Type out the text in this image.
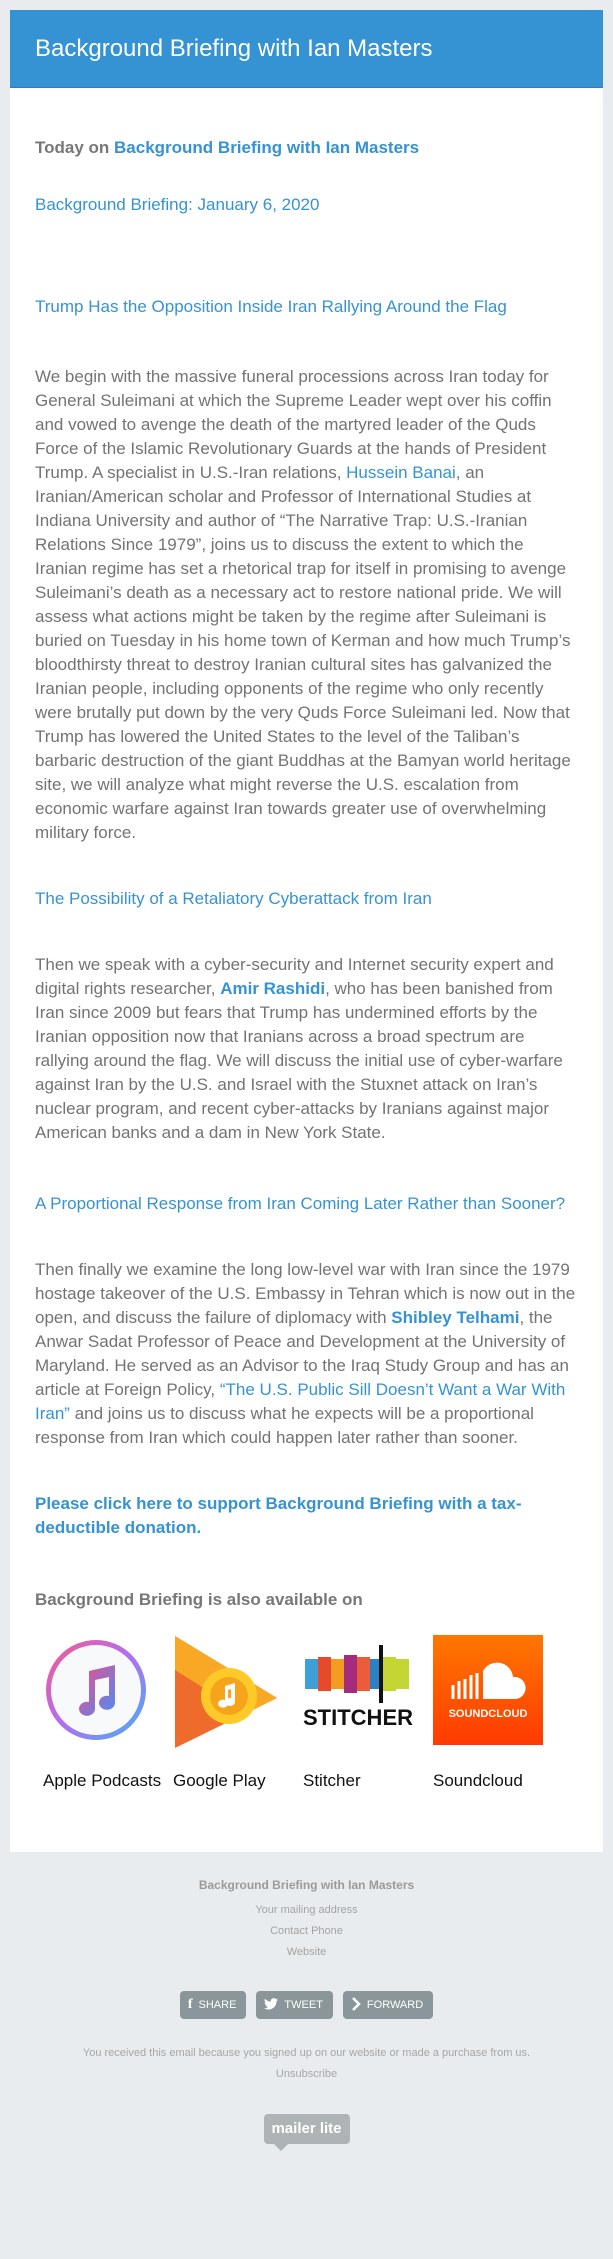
Background Briefing with Ian Masters

Today on Background Briefing with Ian Masters

Background Briefing: January 6, 2020
Trump Has the Opposition Inside Iran Rallying Around the Flag

We begin with the massive funeral processions across Iran today for General Suleimani at which the Supreme Leader wept over his coffin and vowed to avenge the death of the martyred leader of the Quds Force of the Islamic Revolutionary Guards at the hands of President Trump. A specialist in U.S.-Iran relations, Hussein Banai, an Iranian/American scholar and Professor of International Studies at Indiana University and author of “The Narrative Trap: U.S.-Iranian Relations Since 1979”, joins us to discuss the extent to which the Iranian regime has set a rhetorical trap for itself in promising to avenge Suleimani’s death as a necessary act to restore national pride. We will assess what actions might be taken by the regime after Suleimani is buried on Tuesday in his home town of Kerman and how much Trump’s bloodthirsty threat to destroy Iranian cultural sites has galvanized the Iranian people, including opponents of the regime who only recently were brutally put down by the very Quds Force Suleimani led. Now that Trump has lowered the United States to the level of the Taliban’s barbaric destruction of the giant Buddhas at the Bamyan world heritage site, we will analyze what might reverse the U.S. escalation from economic warfare against Iran towards greater use of overwhelming military force.

The Possibility of a Retaliatory Cyberattack from Iran

Then we speak with a cyber-security and Internet security expert and digital rights researcher, Amir Rashidi, who has been banished from Iran since 2009 but fears that Trump has undermined efforts by the Iranian opposition now that Iranians across a broad spectrum are rallying around the flag. We will discuss the initial use of cyber-warfare against Iran by the U.S. and Israel with the Stuxnet attack on Iran’s nuclear program, and recent cyber-attacks by Iranians against major American banks and a dam in New York State.

A Proportional Response from Iran Coming Later Rather than Sooner?

Then finally we examine the long low-level war with Iran since the 1979 hostage takeover of the U.S. Embassy in Tehran which is now out in the open, and discuss the failure of diplomacy with Shibley Telhami, the Anwar Sadat Professor of Peace and Development at the University of Maryland. He served as an Advisor to the Iraq Study Group and has an article at Foreign Policy, “The U.S. Public Sill Doesn’t Want a War With Iran” and joins us to discuss what he expects will be a proportional response from Iran which could happen later rather than sooner.

Please click here to support Background Briefing with a tax-deductible donation.

Background Briefing is also available on

Apple Podcasts Google Play
STITCHER
Stitcher
SOUNDCLOUD
Soundcloud
Background Briefing with Ian Masters
Your mailing address
Contact Phone
Website
f SHARE	TWEET	FORWARD
You received this email because you signed up on our website or made a purchase from us.
Unsubscribe
mailer lite
